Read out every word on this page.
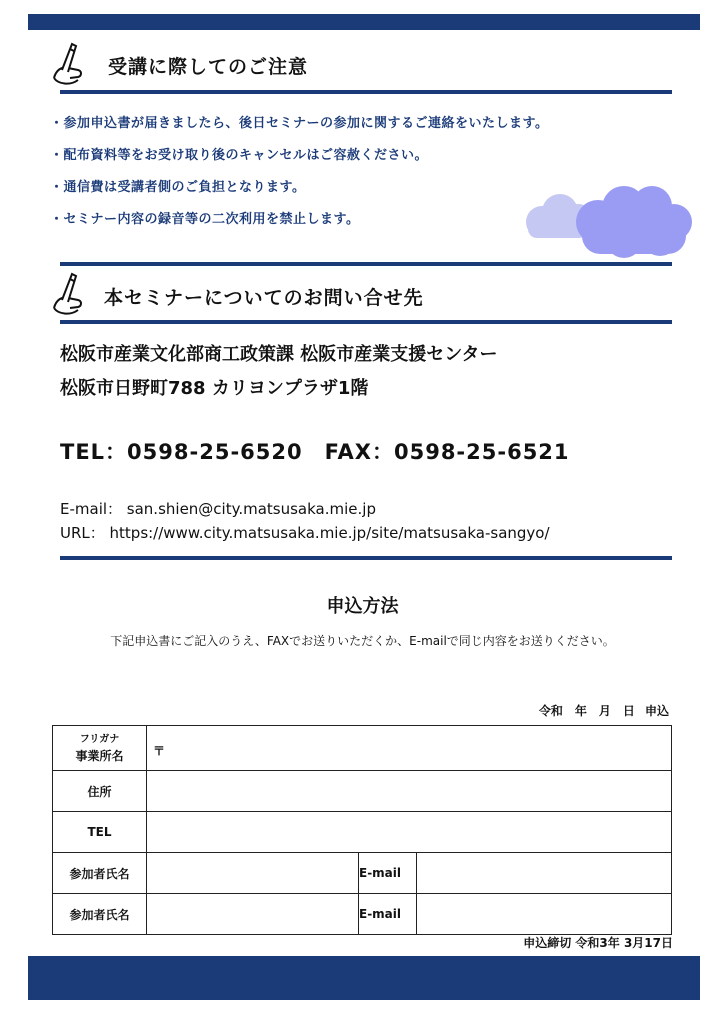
受講に際してのご注意
・参加申込書が届きましたら、後日セミナーの参加に関するご連絡をいたします。
・配布資料等をお受け取り後のキャンセルはご容赦ください。
・通信費は受講者側のご負担となります。
・セミナー内容の録音等の二次利用を禁止します。
本セミナーについてのお問い合せ先
松阪市産業文化部商工政策課 松阪市産業支援センター
松阪市日野町788 カリヨンプラザ1階
TEL：0598-25-6520　FAX：0598-25-6521
E-mail： san.shien@city.matsusaka.mie.jp
URL： https://www.city.matsusaka.mie.jp/site/matsusaka-sangyo/
申込方法
下記申込書にご記入のうえ、FAXでお送りいただくか、E-mailで同じ内容をお送りください。
令和　年　月　日 申込
フリガナ
事業所名	〒		
住所			
TEL			
参加者氏名		E-mail	
参加者氏名		E-mail	
申込締切 令和3年 3月17日
